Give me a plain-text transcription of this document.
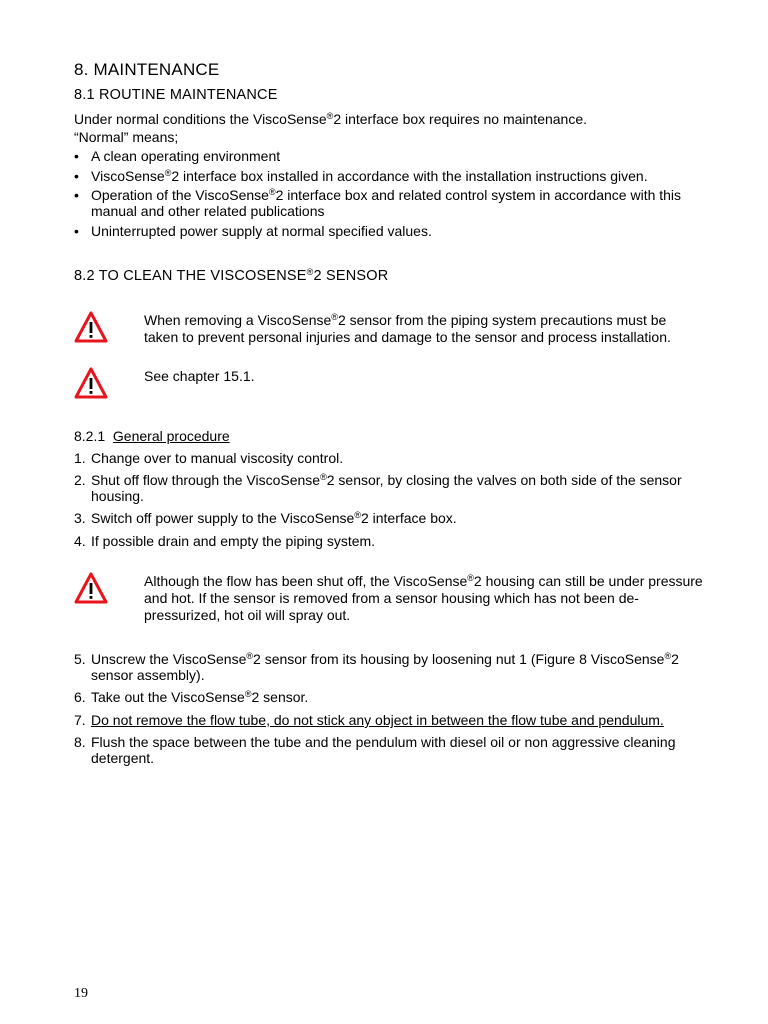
8. MAINTENANCE
8.1 ROUTINE MAINTENANCE

Under normal conditions the ViscoSense®2 interface box requires no maintenance.

“Normal” means;

• A clean operating environment
• ViscoSense®2 interface box installed in accordance with the installation instructions given.
• Operation of the ViscoSense®2 interface box and related control system in accordance with this manual and other related publications
• Uninterrupted power supply at normal specified values.
8.2 TO CLEAN THE VISCOSENSE®2 SENSOR
When removing a ViscoSense®2 sensor from the piping system precautions must be taken to prevent personal injuries and damage to the sensor and process installation.
See chapter 15.1.

8.2.1 General procedure

1. Change over to manual viscosity control.
2. Shut off flow through the ViscoSense®2 sensor, by closing the valves on both side of the sensor housing.
3. Switch off power supply to the ViscoSense®2 interface box.
4. If possible drain and empty the piping system.
Although the flow has been shut off, the ViscoSense®2 housing can still be under pressure and hot. If the sensor is removed from a sensor housing which has not been de-pressurized, hot oil will spray out.
5. Unscrew the ViscoSense®2 sensor from its housing by loosening nut 1 (Figure 8 ViscoSense®2 sensor assembly).
6. Take out the ViscoSense®2 sensor.
7. Do not remove the flow tube, do not stick any object in between the flow tube and pendulum.
8. Flush the space between the tube and the pendulum with diesel oil or non aggressive cleaning detergent.
19
